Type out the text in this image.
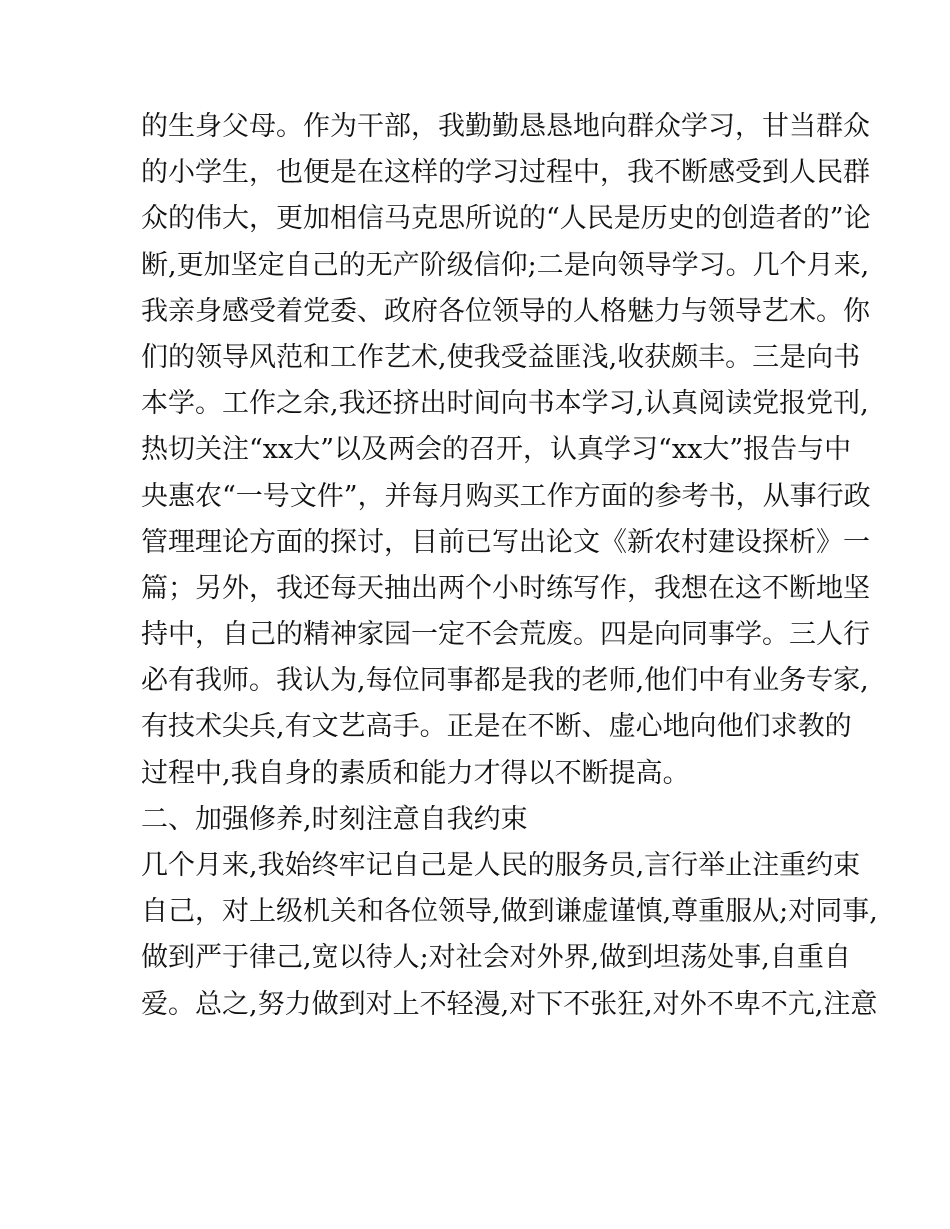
的生身父母。作为干部，我勤勤恳恳地向群众学习，甘当群众
的小学生，也便是在这样的学习过程中，我不断感受到人民群
众的伟大，更加相信马克思所说的“人民是历史的创造者的”论
断,更加坚定自己的无产阶级信仰;二是向领导学习。几个月来,
我亲身感受着党委、政府各位领导的人格魅力与领导艺术。你
们的领导风范和工作艺术,使我受益匪浅,收获颇丰。三是向书
本学。工作之余,我还挤出时间向书本学习,认真阅读党报党刊,
热切关注“xx大”以及两会的召开，认真学习“xx大”报告与中
央惠农“一号文件”，并每月购买工作方面的参考书，从事行政
管理理论方面的探讨，目前已写出论文《新农村建设探析》一
篇；另外，我还每天抽出两个小时练写作，我想在这不断地坚
持中，自己的精神家园一定不会荒废。四是向同事学。三人行
必有我师。我认为,每位同事都是我的老师,他们中有业务专家,
有技术尖兵,有文艺高手。正是在不断、虚心地向他们求教的
过程中,我自身的素质和能力才得以不断提高。
二、加强修养,时刻注意自我约束
几个月来,我始终牢记自己是人民的服务员,言行举止注重约束
自己，对上级机关和各位领导,做到谦虚谨慎,尊重服从;对同事,
做到严于律己,宽以待人;对社会对外界,做到坦荡处事,自重自
爱。总之,努力做到对上不轻漫,对下不张狂,对外不卑不亢,注意
